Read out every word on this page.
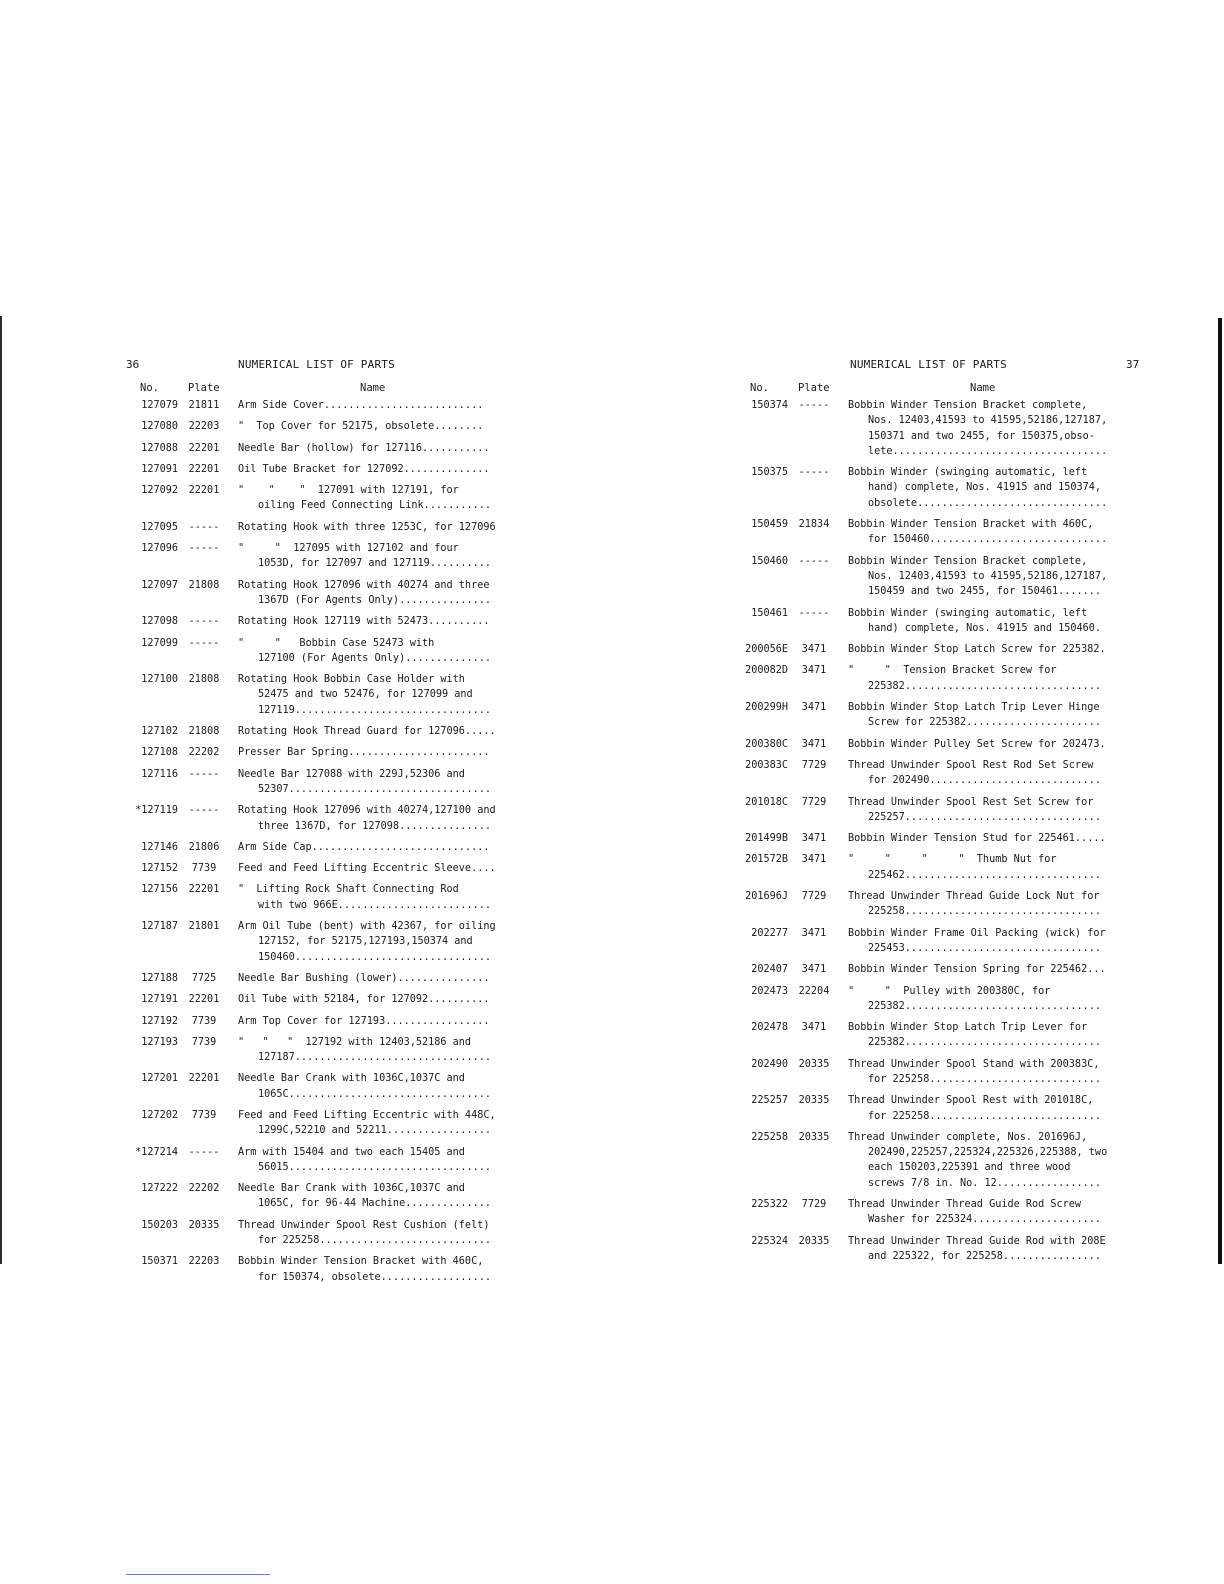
36	NUMERICAL LIST OF PARTS
No.	Plate	Name
127079	21811	Arm Side Cover..........................
127080	22203	"  Top Cover for 52175, obsolete........
127088	22201	Needle Bar (hollow) for 127116...........
127091	22201	Oil Tube Bracket for 127092..............
127092	22201	"    "    "  127091 with 127191, for
oiling Feed Connecting Link...........
127095	-----	Rotating Hook with three 1253C, for 127096
127096	-----	"     "  127095 with 127102 and four
1053D, for 127097 and 127119..........
127097	21808	Rotating Hook 127096 with 40274 and three
1367D (For Agents Only)...............
127098	-----	Rotating Hook 127119 with 52473..........
127099	-----	"     "   Bobbin Case 52473 with
127100 (For Agents Only)..............
127100	21808	Rotating Hook Bobbin Case Holder with
52475 and two 52476, for 127099 and
127119................................
127102	21808	Rotating Hook Thread Guard for 127096.....
127108	22202	Presser Bar Spring.......................
127116	-----	Needle Bar 127088 with 229J,52306 and
52307.................................
*127119	-----	Rotating Hook 127096 with 40274,127100 and
three 1367D, for 127098...............
127146	21806	Arm Side Cap.............................
127152	7739	Feed and Feed Lifting Eccentric Sleeve....
127156	22201	"  Lifting Rock Shaft Connecting Rod
with two 966E.........................
127187	21801	Arm Oil Tube (bent) with 42367, for oiling
127152, for 52175,127193,150374 and
150460................................
127188	7725	Needle Bar Bushing (lower)...............
127191	22201	Oil Tube with 52184, for 127092..........
127192	7739	Arm Top Cover for 127193.................
127193	7739	"   "   "  127192 with 12403,52186 and
127187................................
127201	22201	Needle Bar Crank with 1036C,1037C and
1065C.................................
127202	7739	Feed and Feed Lifting Eccentric with 448C,
1299C,52210 and 52211.................
*127214	-----	Arm with 15404 and two each 15405 and
56015.................................
127222	22202	Needle Bar Crank with 1036C,1037C and
1065C, for 96-44 Machine..............
150203	20335	Thread Unwinder Spool Rest Cushion (felt)
for 225258............................
150371	22203	Bobbin Winder Tension Bracket with 460C,
for 150374, obsolete..................
NUMERICAL LIST OF PARTS	37
No.	Plate	Name
150374	-----	Bobbin Winder Tension Bracket complete,
Nos. 12403,41593 to 41595,52186,127187,
150371 and two 2455, for 150375,obso-
lete...................................
150375	-----	Bobbin Winder (swinging automatic, left
hand) complete, Nos. 41915 and 150374,
obsolete...............................
150459	21834	Bobbin Winder Tension Bracket with 460C,
for 150460.............................
150460	-----	Bobbin Winder Tension Bracket complete,
Nos. 12403,41593 to 41595,52186,127187,
150459 and two 2455, for 150461.......
150461	-----	Bobbin Winder (swinging automatic, left
hand) complete, Nos. 41915 and 150460.
200056E	3471	Bobbin Winder Stop Latch Screw for 225382.
200082D	3471	"     "  Tension Bracket Screw for
225382................................
200299H	3471	Bobbin Winder Stop Latch Trip Lever Hinge
Screw for 225382......................
200380C	3471	Bobbin Winder Pulley Set Screw for 202473.
200383C	7729	Thread Unwinder Spool Rest Rod Set Screw
for 202490............................
201018C	7729	Thread Unwinder Spool Rest Set Screw for
225257................................
201499B	3471	Bobbin Winder Tension Stud for 225461.....
201572B	3471	"     "     "     "  Thumb Nut for
225462................................
201696J	7729	Thread Unwinder Thread Guide Lock Nut for
225258................................
202277	3471	Bobbin Winder Frame Oil Packing (wick) for
225453................................
202407	3471	Bobbin Winder Tension Spring for 225462...
202473	22204	"     "  Pulley with 200380C, for
225382................................
202478	3471	Bobbin Winder Stop Latch Trip Lever for
225382................................
202490	20335	Thread Unwinder Spool Stand with 200383C,
for 225258............................
225257	20335	Thread Unwinder Spool Rest with 201018C,
for 225258............................
225258	20335	Thread Unwinder complete, Nos. 201696J,
202490,225257,225324,225326,225388, two
each 150203,225391 and three wood
screws 7/8 in. No. 12.................
225322	7729	Thread Unwinder Thread Guide Rod Screw
Washer for 225324.....................
225324	20335	Thread Unwinder Thread Guide Rod with 208E
and 225322, for 225258................
